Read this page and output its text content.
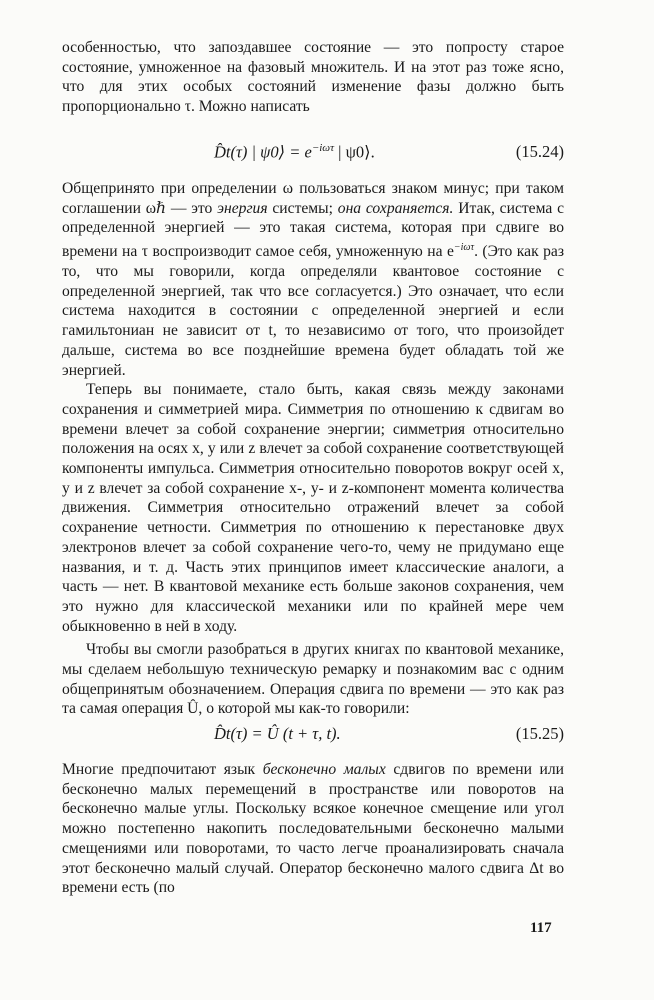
особенностью, что запоздавшее состояние — это попросту старое состояние, умноженное на фазовый множитель. И на этот раз тоже ясно, что для этих особых состояний изменение фазы должно быть пропорционально τ. Можно написать

D̂t(τ) | ψ0⟩ = $e^{-i\omega\tau}$ | ψ0⟩.	(15.24)

Общепринято при определении ω пользоваться знаком минус; при таком соглашении ωℏ — это энергия системы; она сохраняется. Итак, система с определенной энергией — это такая система, которая при сдвиге во времени на τ воспроизводит самое себя, умноженную на $e^{-i\omega\tau}$. (Это как раз то, что мы говорили, когда определяли квантовое состояние с определенной энергией, так что все согласуется.) Это означает, что если система находится в состоянии с определенной энергией и если гамильтониан не зависит от t, то независимо от того, что произойдет дальше, система во все позднейшие времена будет обладать той же энергией.

Теперь вы понимаете, стало быть, какая связь между законами сохранения и симметрией мира. Симметрия по отношению к сдвигам во времени влечет за собой сохранение энергии; симметрия относительно положения на осях x, y или z влечет за собой сохранение соответствующей компоненты импульса. Симметрия относительно поворотов вокруг осей x, y и z влечет за собой сохранение x-, y- и z-компонент момента количества движения. Симметрия относительно отражений влечет за собой сохранение четности. Симметрия по отношению к перестановке двух электронов влечет за собой сохранение чего-то, чему не придумано еще названия, и т. д. Часть этих принципов имеет классические аналоги, а часть — нет. В квантовой механике есть больше законов сохранения, чем это нужно для классической механики или по крайней мере чем обыкновенно в ней в ходу.

Чтобы вы смогли разобраться в других книгах по квантовой механике, мы сделаем небольшую техническую ремарку и познакомим вас с одним общепринятым обозначением. Операция сдвига по времени — это как раз та самая операция Û, о которой мы как-то говорили:

D̂t(τ) = Û (t + τ, t).	(15.25)

Многие предпочитают язык бесконечно малых сдвигов по времени или бесконечно малых перемещений в пространстве или поворотов на бесконечно малые углы. Поскольку всякое конечное смещение или угол можно постепенно накопить последовательными бесконечно малыми смещениями или поворотами, то часто легче проанализировать сначала этот бесконечно малый случай. Оператор бесконечно малого сдвига Δt во времени есть (по

117
